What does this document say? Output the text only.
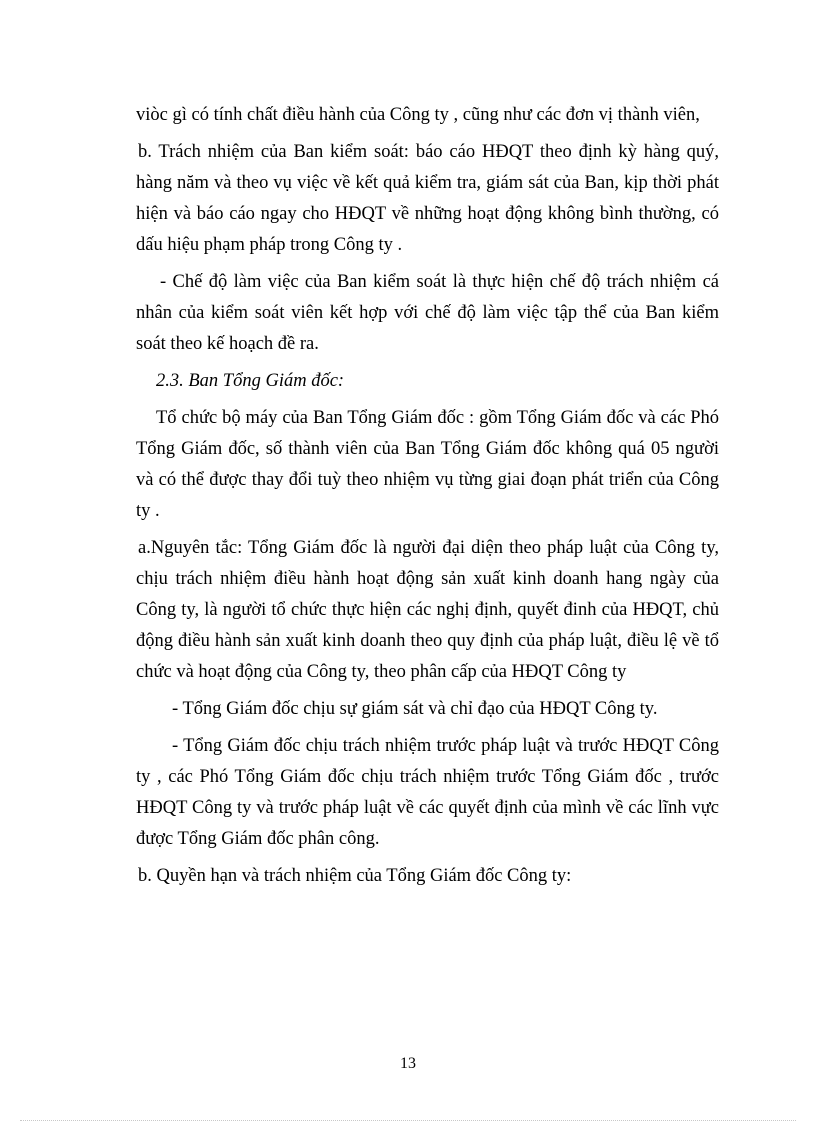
viòc gì có tính chất điều hành của Công ty , cũng như các đơn vị thành viên,

b. Trách nhiệm của Ban kiểm soát: báo cáo HĐQT theo định kỳ hàng quý, hàng năm và theo vụ việc về kết quả kiểm tra, giám sát của Ban, kịp thời phát hiện và báo cáo ngay cho HĐQT về những hoạt động không bình thường, có dấu hiệu phạm pháp trong Công ty .

- Chế độ làm việc của Ban kiểm soát là thực hiện chế độ trách nhiệm cá nhân của kiểm soát viên kết hợp với chế độ làm việc tập thể của Ban kiểm soát theo kế hoạch đề ra.

2.3. Ban Tổng Giám đốc:

Tổ chức bộ máy của Ban Tổng Giám đốc : gồm Tổng Giám đốc và các Phó Tổng Giám đốc, số thành viên của Ban Tổng Giám đốc không quá 05 người và có thể được thay đổi tuỳ theo nhiệm vụ từng giai đoạn phát triển của Công ty .

a.Nguyên tắc: Tổng Giám đốc là người đại diện theo pháp luật của Công ty, chịu trách nhiệm điều hành hoạt động sản xuất kinh doanh hang ngày của Công ty, là người tổ chức thực hiện các nghị định, quyết đinh của HĐQT, chủ động điều hành sản xuất kinh doanh theo quy định của pháp luật, điều lệ về tổ chức và hoạt động của Công ty, theo phân cấp của HĐQT Công ty

- Tổng Giám đốc chịu sự giám sát và chỉ đạo của HĐQT Công ty.

- Tổng Giám đốc chịu trách nhiệm trước pháp luật và trước HĐQT Công ty , các Phó Tổng Giám đốc chịu trách nhiệm trước Tổng Giám đốc , trước HĐQT Công ty và trước pháp luật về các quyết định của mình về các lĩnh vực được Tổng Giám đốc phân công.

b. Quyền hạn và trách nhiệm của Tổng Giám đốc Công ty:

13
